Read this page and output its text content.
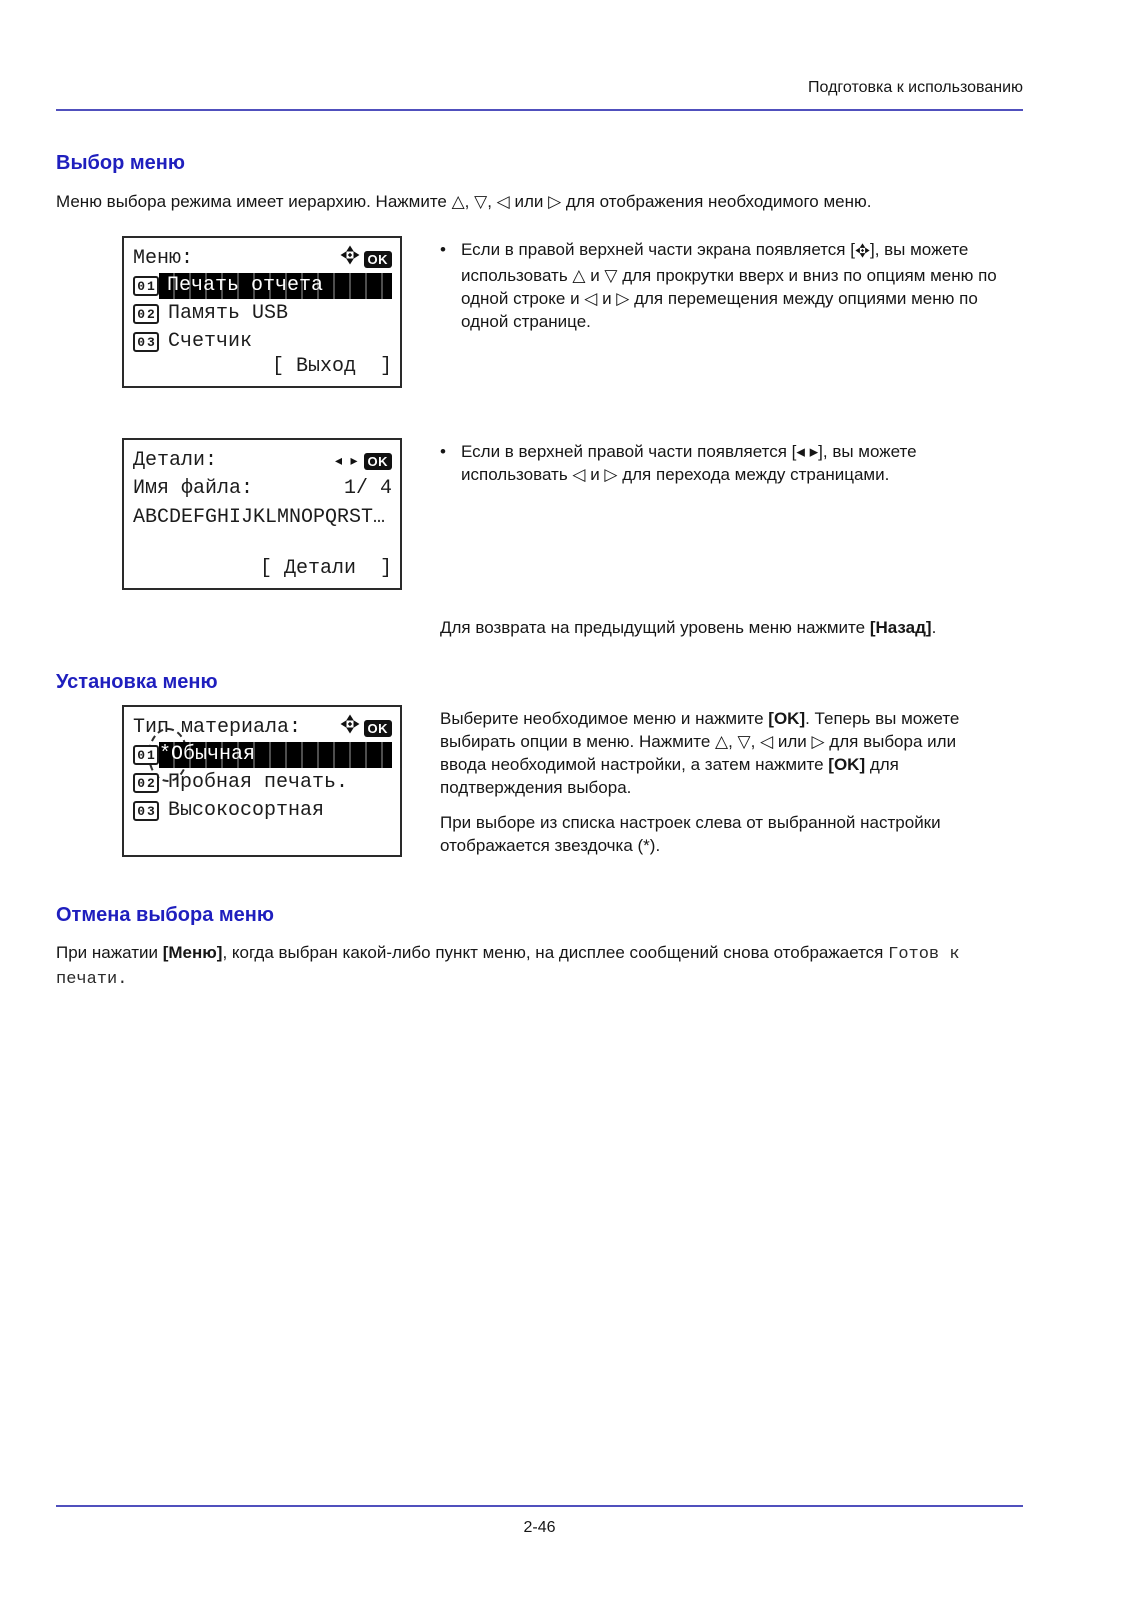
Подготовка к использованию
Выбор меню

Меню выбора режима имеет иерархию. Нажмите △, ▽, ◁ или ▷ для отображения необходимого меню.

Меню:	OK
01 Печать отчета
02 Память USB
03 Счетчик
[ Выход  ]
• Если в правой верхней части экрана появляется [ ], вы можете использовать △ и ▽ для прокрутки вверх и вниз по опциям меню по одной строке и ◁ и ▷ для перемещения между опциями меню по одной странице.
Детали:	◂ ▸ OK
Имя файла:	1/ 4
ABCDEFGHIJKLMNOPQRST…
[ Детали  ]
• Если в верхней правой части появляется [◂ ▸], вы можете использовать ◁ и ▷ для перехода между страницами.

Для возврата на предыдущий уровень меню нажмите [Назад].

Установка меню
Тип материала:	OK
01 *Обычная
02 Пробная печать.
03 Высокосортная

Выберите необходимое меню и нажмите [OK]. Теперь вы можете выбирать опции в меню. Нажмите △, ▽, ◁ или ▷ для выбора или ввода необходимой настройки, а затем нажмите [OK] для подтверждения выбора.

При выборе из списка настроек слева от выбранной настройки отображается звездочка (*).

Отмена выбора меню

При нажатии [Меню], когда выбран какой-либо пункт меню, на дисплее сообщений снова отображается Готов к печати.

2-46
